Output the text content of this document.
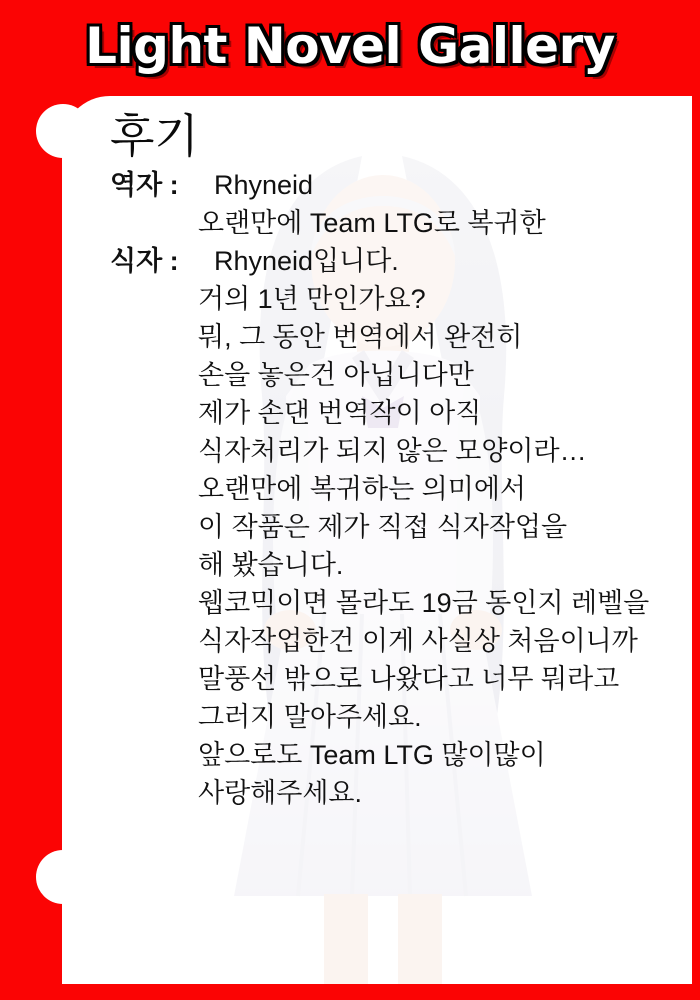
Light Novel Gallery
후기
역자 :	Rhyneid
오랜만에 Team LTG로 복귀한
식자 :	Rhyneid입니다.
거의 1년 만인가요?
뭐, 그 동안 번역에서 완전히
손을 놓은건 아닙니다만
제가 손댄 번역작이 아직
식자처리가 되지 않은 모양이라…
오랜만에 복귀하는 의미에서
이 작품은 제가 직접 식자작업을
해 봤습니다.
웹코믹이면 몰라도 19금 동인지 레벨을
식자작업한건 이게 사실상 처음이니까
말풍선 밖으로 나왔다고 너무 뭐라고
그러지 말아주세요.
앞으로도 Team LTG 많이많이
사랑해주세요.
